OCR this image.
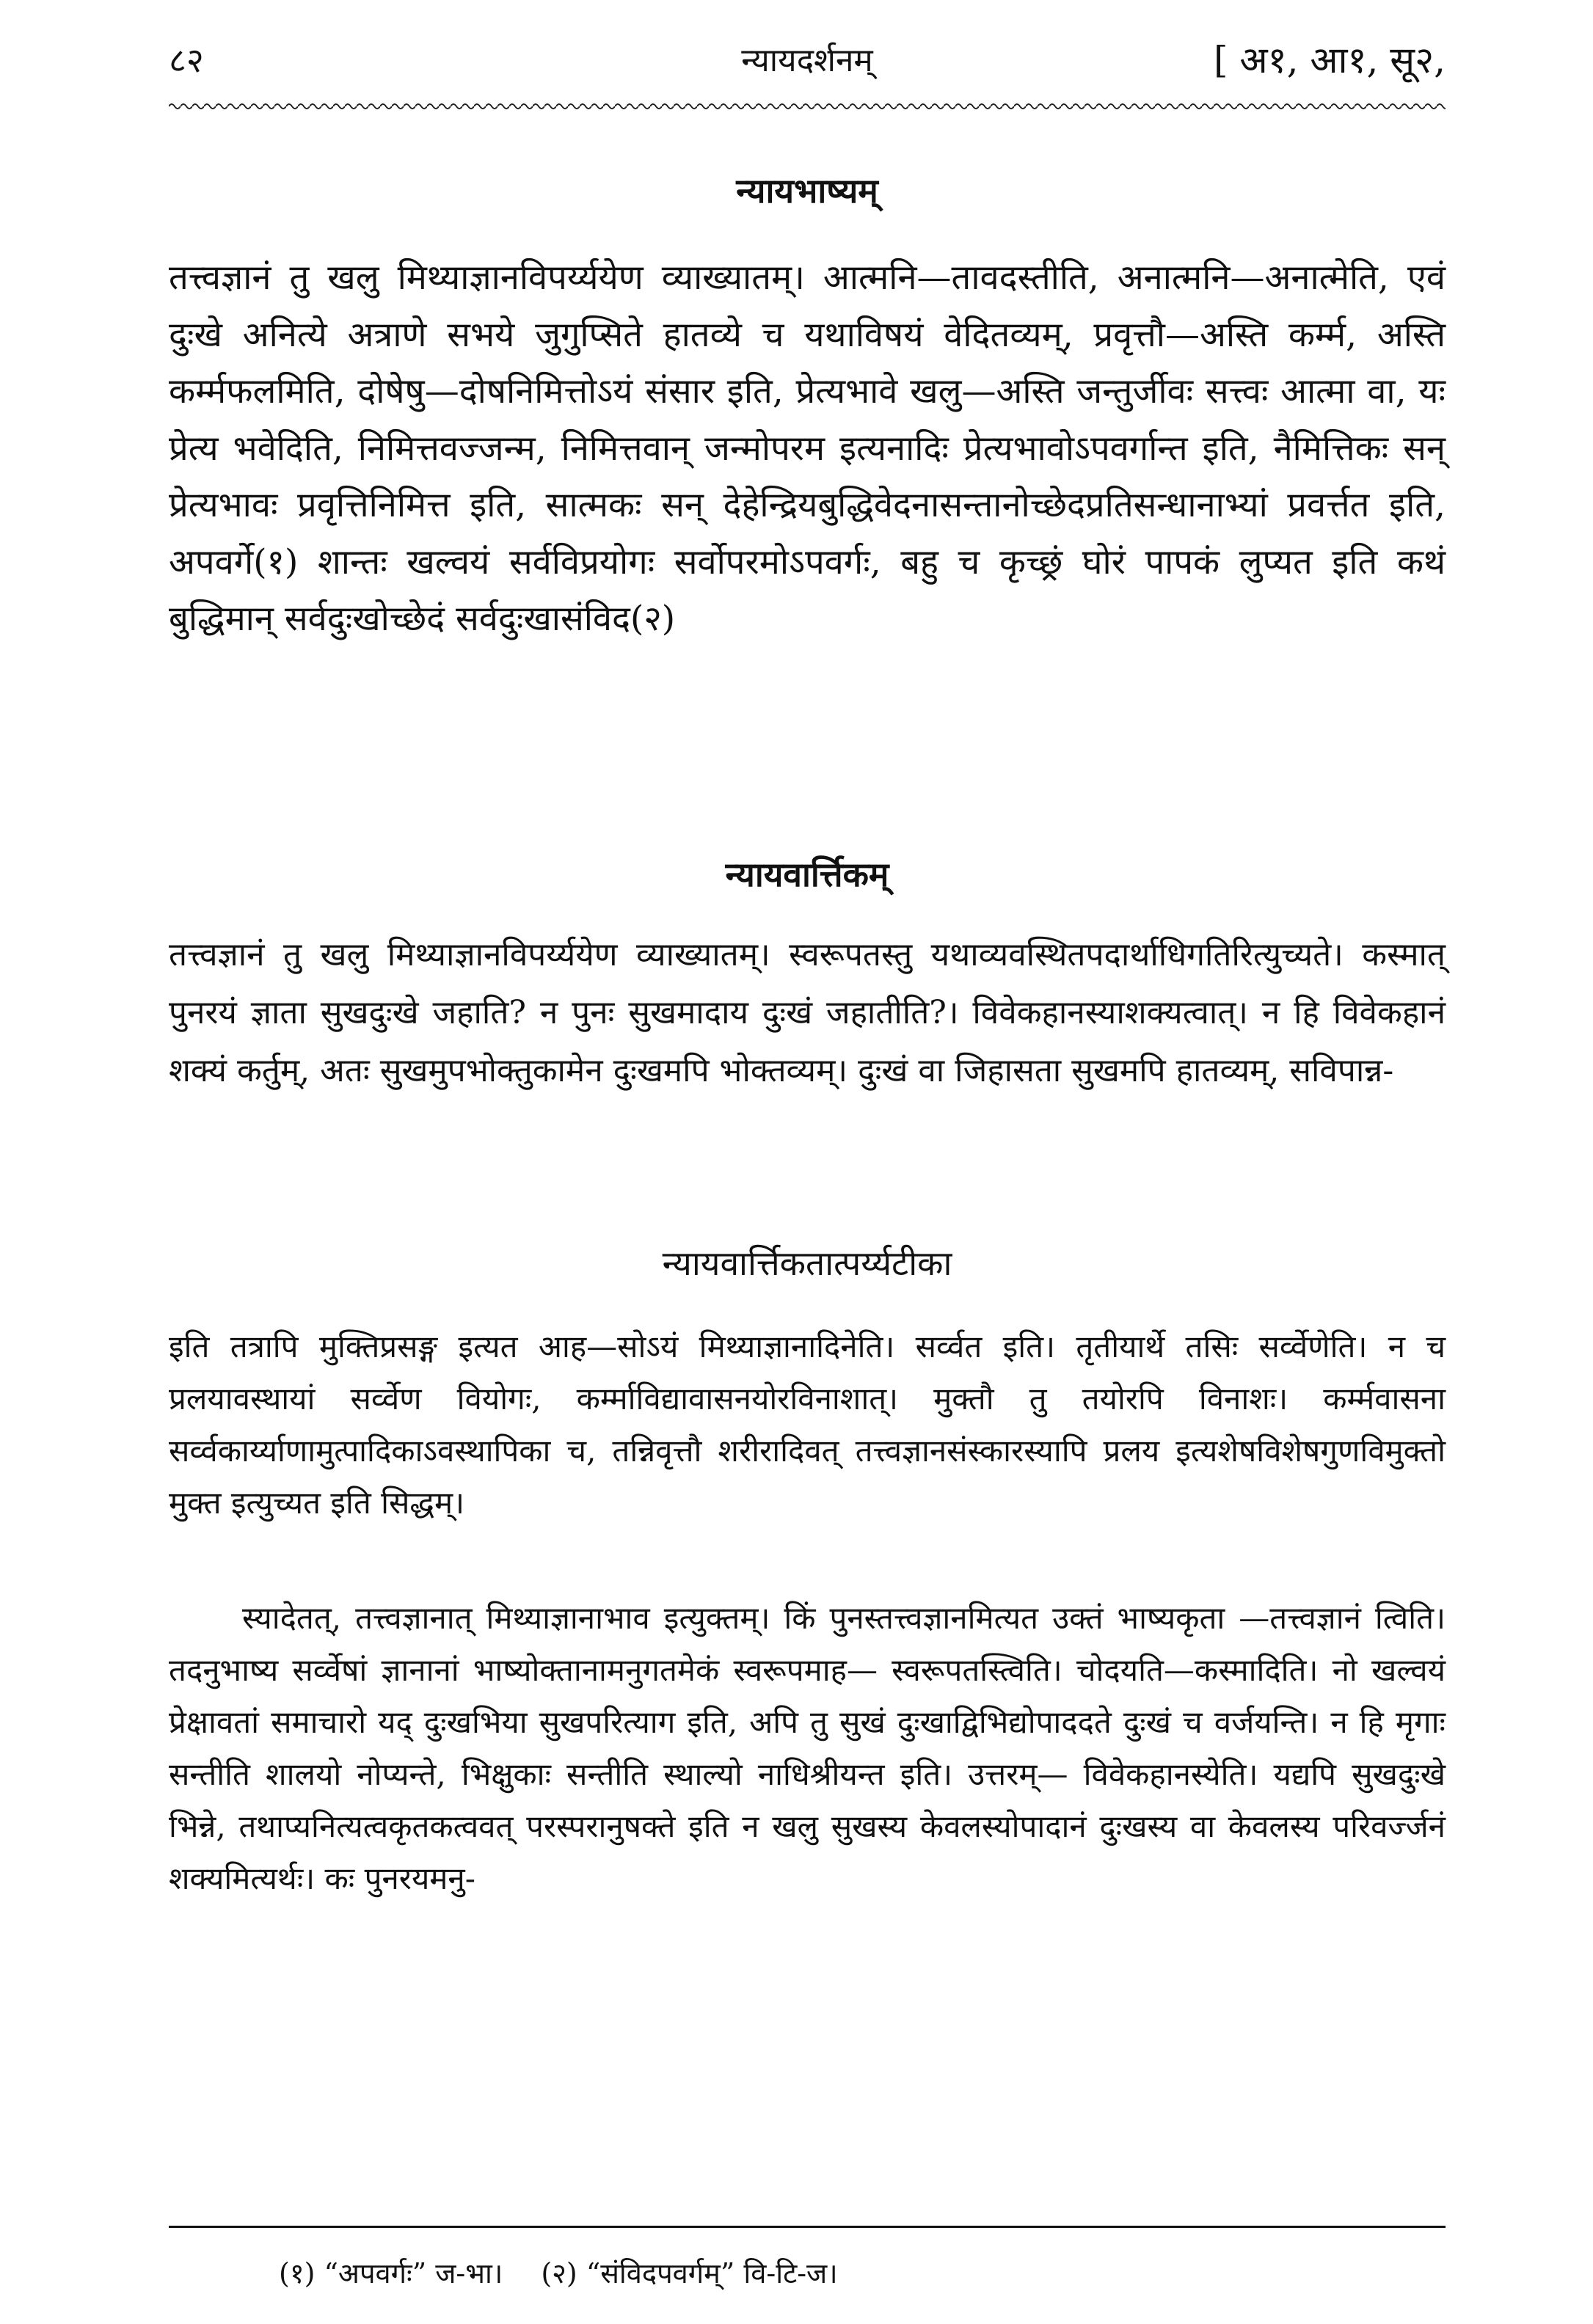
८२	न्यायदर्शनम्	[ अ१, आ१, सू२,
न्यायभाष्यम्

तत्त्वज्ञानं तु खलु मिथ्याज्ञानविपर्य्ययेण व्याख्यातम्। आत्मनि—तावदस्तीति, अनात्मनि—अनात्मेति, एवं दुःखे अनित्ये अत्राणे सभये जुगुप्सिते हातव्ये च यथाविषयं वेदितव्यम्, प्रवृत्तौ—अस्ति कर्म्म, अस्ति कर्म्मफलमिति, दोषेषु—दोषनिमित्तोऽयं संसार इति, प्रेत्यभावे खलु—अस्ति जन्तुर्जीवः सत्त्वः आत्मा वा, यः प्रेत्य भवेदिति, निमित्तवज्जन्म, निमित्तवान् जन्मोपरम इत्यनादिः प्रेत्यभावोऽपवर्गान्त इति, नैमित्तिकः सन् प्रेत्यभावः प्रवृत्तिनिमित्त इति, सात्मकः सन् देहेन्द्रियबुद्धिवेदनासन्तानोच्छेदप्रतिसन्धानाभ्यां प्रवर्त्तत इति, अपवर्गे(१) शान्तः खल्वयं सर्वविप्रयोगः सर्वोपरमोऽपवर्गः, बहु च कृच्छ्रं घोरं पापकं लुप्यत इति कथं बुद्धिमान् सर्वदुःखोच्छेदं सर्वदुःखासंविद(२)

न्यायवार्त्तिकम्

तत्त्वज्ञानं तु खलु मिथ्याज्ञानविपर्य्ययेण व्याख्यातम्। स्वरूपतस्तु यथाव्यवस्थितपदार्थाधिगतिरित्युच्यते। कस्मात् पुनरयं ज्ञाता सुखदुःखे जहाति? न पुनः सुखमादाय दुःखं जहातीति?। विवेकहानस्याशक्यत्वात्। न हि विवेकहानं शक्यं कर्तुम्, अतः सुखमुपभोक्तुकामेन दुःखमपि भोक्तव्यम्। दुःखं वा जिहासता सुखमपि हातव्यम्, सविपान्न-

न्यायवार्त्तिकतात्पर्य्यटीका

इति तत्रापि मुक्तिप्रसङ्ग इत्यत आह—सोऽयं मिथ्याज्ञानादिनेति। सर्व्वत इति। तृतीयार्थे तसिः सर्व्वेणेति। न च प्रलयावस्थायां सर्व्वेण वियोगः, कर्म्माविद्यावासनयोरविनाशात्। मुक्तौ तु तयोरपि विनाशः। कर्म्मवासना सर्व्वकार्य्याणामुत्पादिकाऽवस्थापिका च, तन्निवृत्तौ शरीरादिवत् तत्त्वज्ञानसंस्कारस्यापि प्रलय इत्यशेषविशेषगुणविमुक्तो मुक्त इत्युच्यत इति सिद्धम्।

स्यादेतत्, तत्त्वज्ञानात् मिथ्याज्ञानाभाव इत्युक्तम्। किं पुनस्तत्त्वज्ञानमित्यत उक्तं भाष्यकृता —तत्त्वज्ञानं त्विति। तदनुभाष्य सर्व्वेषां ज्ञानानां भाष्योक्तानामनुगतमेकं स्वरूपमाह— स्वरूपतस्त्विति। चोदयति—कस्मादिति। नो खल्वयं प्रेक्षावतां समाचारो यद् दुःखभिया सुखपरित्याग इति, अपि तु सुखं दुःखाद्विभिद्योपाददते दुःखं च वर्जयन्ति। न हि मृगाः सन्तीति शालयो नोप्यन्ते, भिक्षुकाः सन्तीति स्थाल्यो नाधिश्रीयन्त इति। उत्तरम्— विवेकहानस्येति। यद्यपि सुखदुःखे भिन्ने, तथाप्यनित्यत्वकृतकत्ववत् परस्परानुषक्ते इति न खलु सुखस्य केवलस्योपादानं दुःखस्य वा केवलस्य परिवर्ज्जनं शक्यमित्यर्थः। कः पुनरयमनु-

(१) “अपवर्गः” ज-भा। (२) “संविदपवर्गम्” वि-टि-ज।
